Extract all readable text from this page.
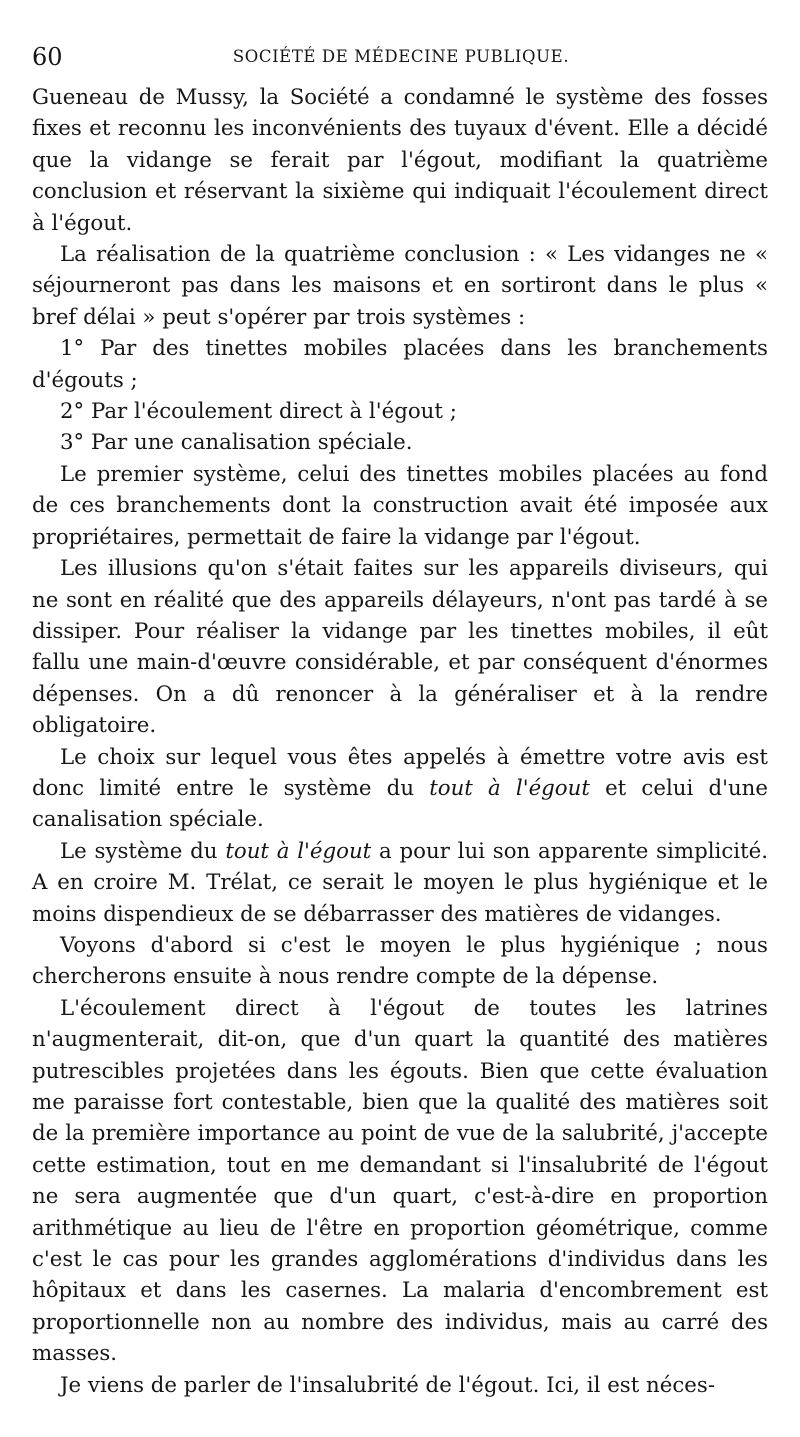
60	SOCIÉTÉ DE MÉDECINE PUBLIQUE.

Gueneau de Mussy, la Société a condamné le système des fosses fixes et reconnu les inconvénients des tuyaux d'évent. Elle a décidé que la vidange se ferait par l'égout, modifiant la quatrième conclusion et réservant la sixième qui indiquait l'écoulement direct à l'égout.

La réalisation de la quatrième conclusion : « Les vidanges ne « séjourneront pas dans les maisons et en sortiront dans le plus « bref délai » peut s'opérer par trois systèmes :

1° Par des tinettes mobiles placées dans les branchements d'égouts ;

2° Par l'écoulement direct à l'égout ;

3° Par une canalisation spéciale.

Le premier système, celui des tinettes mobiles placées au fond de ces branchements dont la construction avait été imposée aux propriétaires, permettait de faire la vidange par l'égout.

Les illusions qu'on s'était faites sur les appareils diviseurs, qui ne sont en réalité que des appareils délayeurs, n'ont pas tardé à se dissiper. Pour réaliser la vidange par les tinettes mobiles, il eût fallu une main-d'œuvre considérable, et par conséquent d'énormes dépenses. On a dû renoncer à la généraliser et à la rendre obligatoire.

Le choix sur lequel vous êtes appelés à émettre votre avis est donc limité entre le système du tout à l'égout et celui d'une canalisation spéciale.

Le système du tout à l'égout a pour lui son apparente simplicité. A en croire M. Trélat, ce serait le moyen le plus hygiénique et le moins dispendieux de se débarrasser des matières de vidanges.

Voyons d'abord si c'est le moyen le plus hygiénique ; nous chercherons ensuite à nous rendre compte de la dépense.

L'écoulement direct à l'égout de toutes les latrines n'augmenterait, dit-on, que d'un quart la quantité des matières putrescibles projetées dans les égouts. Bien que cette évaluation me paraisse fort contestable, bien que la qualité des matières soit de la première importance au point de vue de la salubrité, j'accepte cette estimation, tout en me demandant si l'insalubrité de l'égout ne sera augmentée que d'un quart, c'est-à-dire en proportion arithmétique au lieu de l'être en proportion géométrique, comme c'est le cas pour les grandes agglomérations d'individus dans les hôpitaux et dans les casernes. La malaria d'encombrement est proportionnelle non au nombre des individus, mais au carré des masses.

Je viens de parler de l'insalubrité de l'égout. Ici, il est néces-
